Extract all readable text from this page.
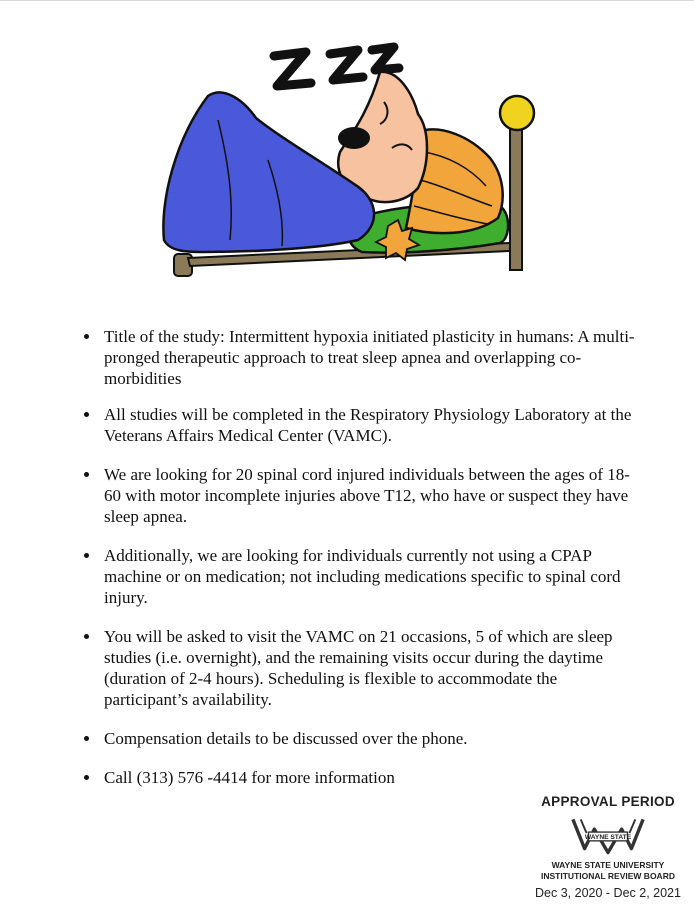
Title of the study: Intermittent hypoxia initiated plasticity in humans: A multi-pronged therapeutic approach to treat sleep apnea and overlapping co-morbidities
All studies will be completed in the Respiratory Physiology Laboratory at the Veterans Affairs Medical Center (VAMC).
We are looking for 20 spinal cord injured individuals between the ages of 18-60 with motor incomplete injuries above T12, who have or suspect they have sleep apnea.
Additionally, we are looking for individuals currently not using a CPAP machine or on medication; not including medications specific to spinal cord injury.
You will be asked to visit the VAMC on 21 occasions, 5 of which are sleep studies (i.e. overnight), and the remaining visits occur during the daytime (duration of 2-4 hours). Scheduling is flexible to accommodate the participant’s availability.
Compensation details to be discussed over the phone.
Call (313) 576 -4414 for more information
APPROVAL PERIOD
WAYNE STATE
WAYNE STATE UNIVERSITY
INSTITUTIONAL REVIEW BOARD
Dec 3, 2020 - Dec 2, 2021
